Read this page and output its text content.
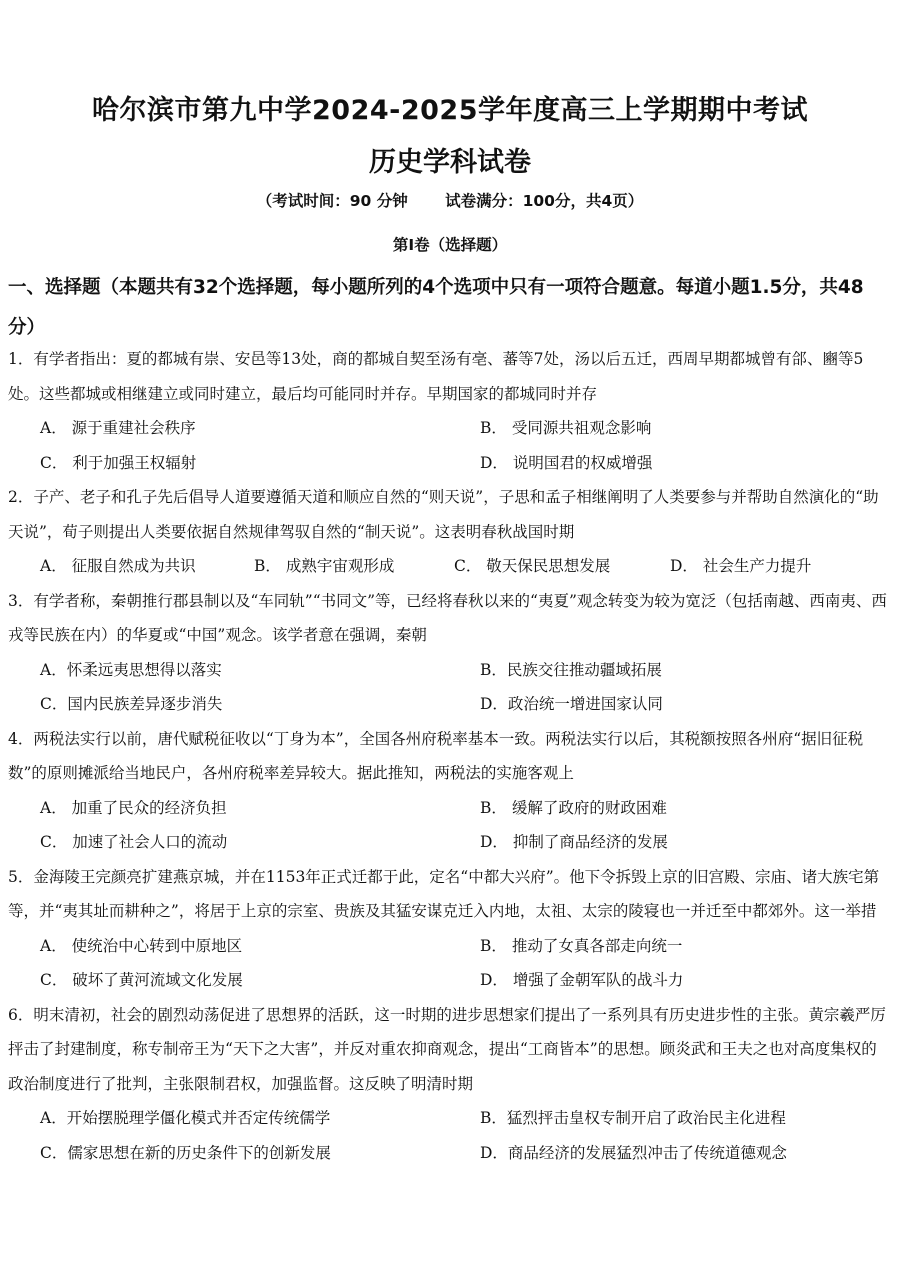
哈尔滨市第九中学2024-2025学年度高三上学期期中考试
历史学科试卷
（考试时间：90 分钟 试卷满分：100分，共4页）
第Ⅰ卷（选择题）
一、选择题（本题共有32个选择题，每小题所列的4个选项中只有一项符合题意。每道小题1.5分，共48分）

1．有学者指出：夏的都城有崇、安邑等13处，商的都城自契至汤有亳、蕃等7处，汤以后五迁，西周早期都城曾有郃、豳等5处。这些都城或相继建立或同时建立，最后均可能同时并存。早期国家的都城同时并存

A． 源于重建社会秩序	B． 受同源共祖观念影响
C． 利于加强王权辐射	D． 说明国君的权威增强

2．子产、老子和孔子先后倡导人道要遵循天道和顺应自然的“则天说”，子思和孟子相继阐明了人类要参与并帮助自然演化的“助天说”，荀子则提出人类要依据自然规律驾驭自然的“制天说”。这表明春秋战国时期

A． 征服自然成为共识	B． 成熟宇宙观形成	C． 敬天保民思想发展	D． 社会生产力提升

3．有学者称，秦朝推行郡县制以及“车同轨”“书同文”等，已经将春秋以来的“夷夏”观念转变为较为宽泛（包括南越、西南夷、西戎等民族在内）的华夏或“中国”观念。该学者意在强调，秦朝

A．怀柔远夷思想得以落实	B．民族交往推动疆域拓展
C．国内民族差异逐步消失	D．政治统一增进国家认同

4．两税法实行以前，唐代赋税征收以“丁身为本”，全国各州府税率基本一致。两税法实行以后，其税额按照各州府“据旧征税数”的原则摊派给当地民户，各州府税率差异较大。据此推知，两税法的实施客观上

A． 加重了民众的经济负担	B． 缓解了政府的财政困难
C． 加速了社会人口的流动	D． 抑制了商品经济的发展

5．金海陵王完颜亮扩建燕京城，并在1153年正式迁都于此，定名“中都大兴府”。他下令拆毁上京的旧宫殿、宗庙、诸大族宅第等，并“夷其址而耕种之”，将居于上京的宗室、贵族及其猛安谋克迁入内地，太祖、太宗的陵寝也一并迁至中都郊外。这一举措

A． 使统治中心转到中原地区	B． 推动了女真各部走向统一
C． 破坏了黄河流域文化发展	D． 增强了金朝军队的战斗力

6．明末清初，社会的剧烈动荡促进了思想界的活跃，这一时期的进步思想家们提出了一系列具有历史进步性的主张。黄宗羲严厉抨击了封建制度，称专制帝王为“天下之大害”，并反对重农抑商观念，提出“工商皆本”的思想。顾炎武和王夫之也对高度集权的政治制度进行了批判，主张限制君权，加强监督。这反映了明清时期

A．开始摆脱理学僵化模式并否定传统儒学	B．猛烈抨击皇权专制开启了政治民主化进程
C．儒家思想在新的历史条件下的创新发展	D．商品经济的发展猛烈冲击了传统道德观念
